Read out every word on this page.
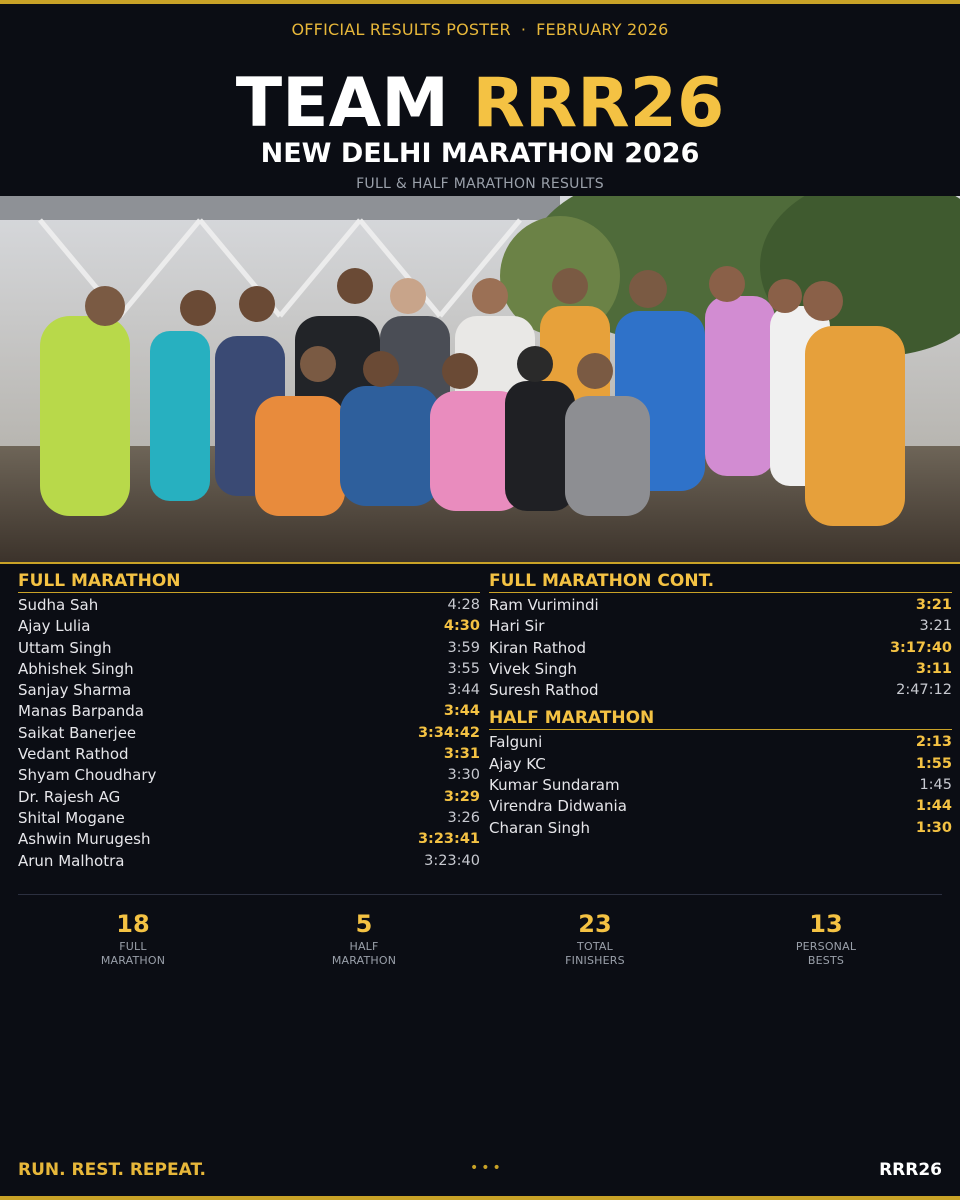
OFFICIAL RESULTS POSTER · FEBRUARY 2026
TEAM RRR26
NEW DELHI MARATHON 2026
FULL & HALF MARATHON RESULTS
FULL MARATHON
Sudha Sah	4:28
Ajay Lulia	4:30
Uttam Singh	3:59
Abhishek Singh	3:55
Sanjay Sharma	3:44
Manas Barpanda	3:44
Saikat Banerjee	3:34:42
Vedant Rathod	3:31
Shyam Choudhary	3:30
Dr. Rajesh AG	3:29
Shital Mogane	3:26
Ashwin Murugesh	3:23:41
Arun Malhotra	3:23:40
FULL MARATHON CONT.
Ram Vurimindi	3:21
Hari Sir	3:21
Kiran Rathod	3:17:40
Vivek Singh	3:11
Suresh Rathod	2:47:12
HALF MARATHON
Falguni	2:13
Ajay KC	1:55
Kumar Sundaram	1:45
Virendra Didwania	1:44
Charan Singh	1:30
18
FULL
MARATHON
5
HALF
MARATHON
23
TOTAL
FINISHERS
13
PERSONAL
BESTS
RUN. REST. REPEAT.	•••	RRR26
